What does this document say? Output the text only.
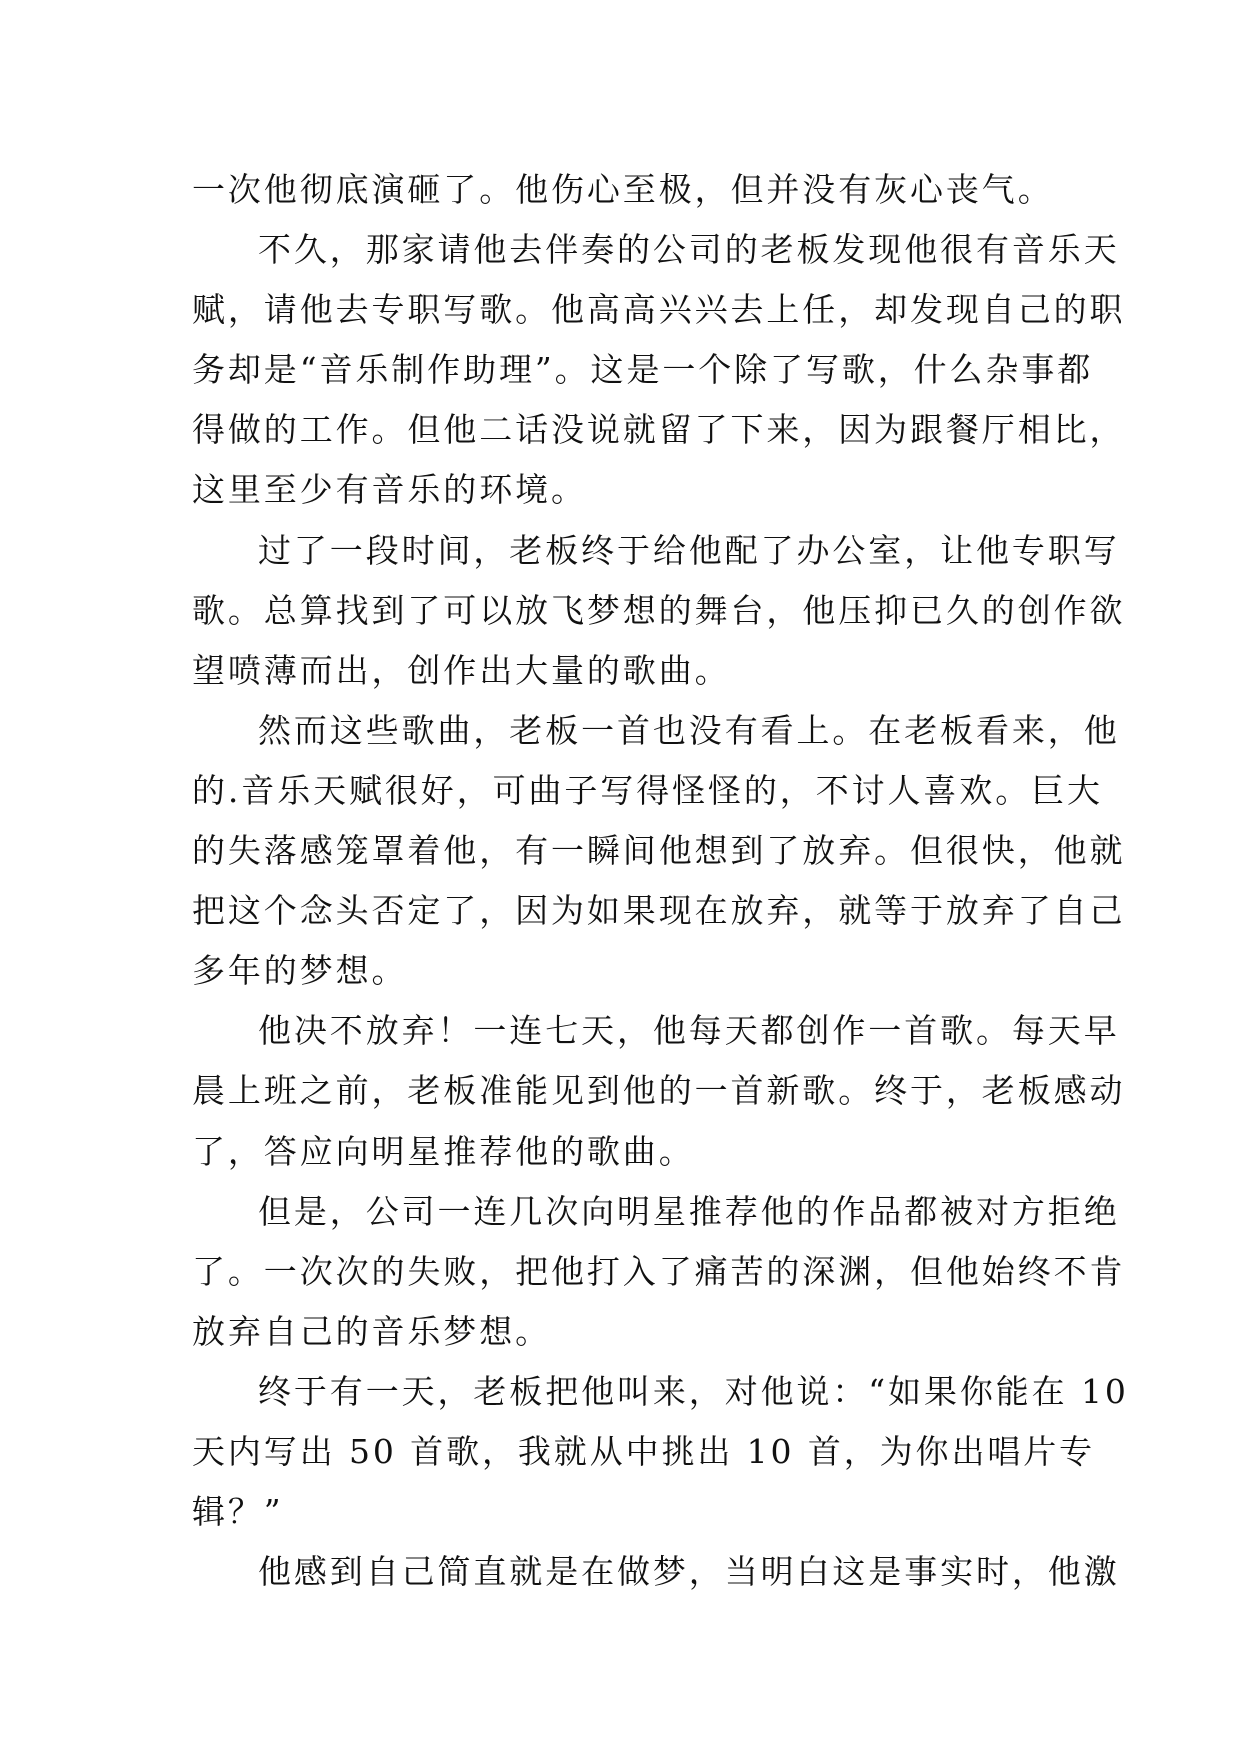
一次他彻底演砸了。他伤心至极，但并没有灰心丧气。
不久，那家请他去伴奏的公司的老板发现他很有音乐天
赋，请他去专职写歌。他高高兴兴去上任，却发现自己的职
务却是“音乐制作助理”。这是一个除了写歌，什么杂事都
得做的工作。但他二话没说就留了下来，因为跟餐厅相比，
这里至少有音乐的环境。
过了一段时间，老板终于给他配了办公室，让他专职写
歌。总算找到了可以放飞梦想的舞台，他压抑已久的创作欲
望喷薄而出，创作出大量的歌曲。
然而这些歌曲，老板一首也没有看上。在老板看来，他
的.音乐天赋很好，可曲子写得怪怪的，不讨人喜欢。巨大
的失落感笼罩着他，有一瞬间他想到了放弃。但很快，他就
把这个念头否定了，因为如果现在放弃，就等于放弃了自己
多年的梦想。
他决不放弃！一连七天，他每天都创作一首歌。每天早
晨上班之前，老板准能见到他的一首新歌。终于，老板感动
了，答应向明星推荐他的歌曲。
但是，公司一连几次向明星推荐他的作品都被对方拒绝
了。一次次的失败，把他打入了痛苦的深渊，但他始终不肯
放弃自己的音乐梦想。
终于有一天，老板把他叫来，对他说：“如果你能在 10
天内写出 50 首歌，我就从中挑出 10 首，为你出唱片专
辑？”
他感到自己简直就是在做梦，当明白这是事实时，他激
